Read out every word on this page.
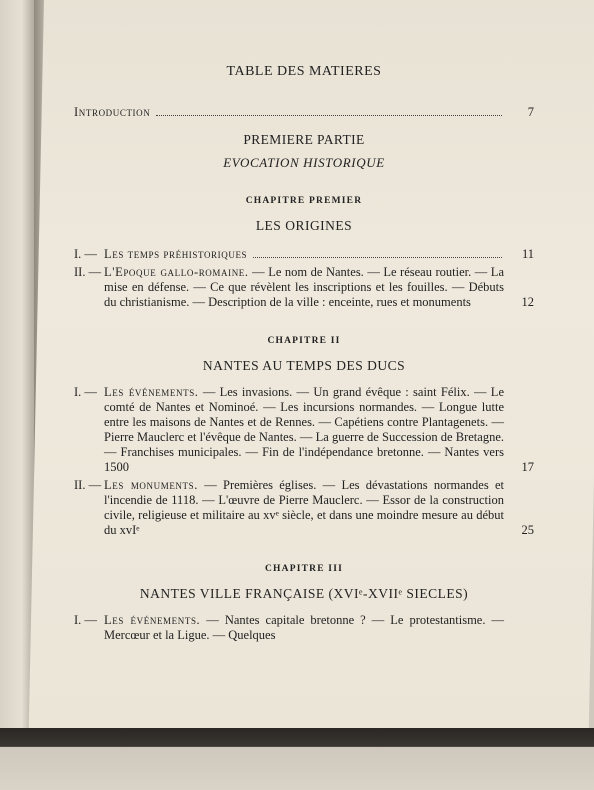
TABLE DES MATIERES
Introduction	7
PREMIERE PARTIE
EVOCATION HISTORIQUE
CHAPITRE PREMIER
LES ORIGINES
I. — Les temps préhistoriques	11
II. — L'Epoque gallo-romaine. — Le nom de Nantes. — Le réseau routier. — La mise en défense. — Ce que révèlent les inscriptions et les fouilles. — Débuts du christianisme. — Description de la ville : enceinte, rues et monuments	12
CHAPITRE II
NANTES AU TEMPS DES DUCS
I. — Les événements. — Les invasions. — Un grand évêque : saint Félix. — Le comté de Nantes et Nominoé. — Les incursions normandes. — Longue lutte entre les maisons de Nantes et de Rennes. — Capétiens contre Plantagenets. — Pierre Mauclerc et l'évêque de Nantes. — La guerre de Succession de Bretagne. — Franchises municipales. — Fin de l'indépendance bretonne. — Nantes vers 1500	17
II. — Les monuments. — Premières églises. — Les dévastations normandes et l'incendie de 1118. — L'œuvre de Pierre Mauclerc. — Essor de la construction civile, religieuse et militaire au xvᵉ siècle, et dans une moindre mesure au début du xvIᵉ	25
CHAPITRE III
NANTES VILLE FRANÇAISE (XVIᵉ-XVIIᵉ SIECLES)
I. — Les événements. — Nantes capitale bretonne ? — Le protestantisme. — Mercœur et la Ligue. — Quelques
